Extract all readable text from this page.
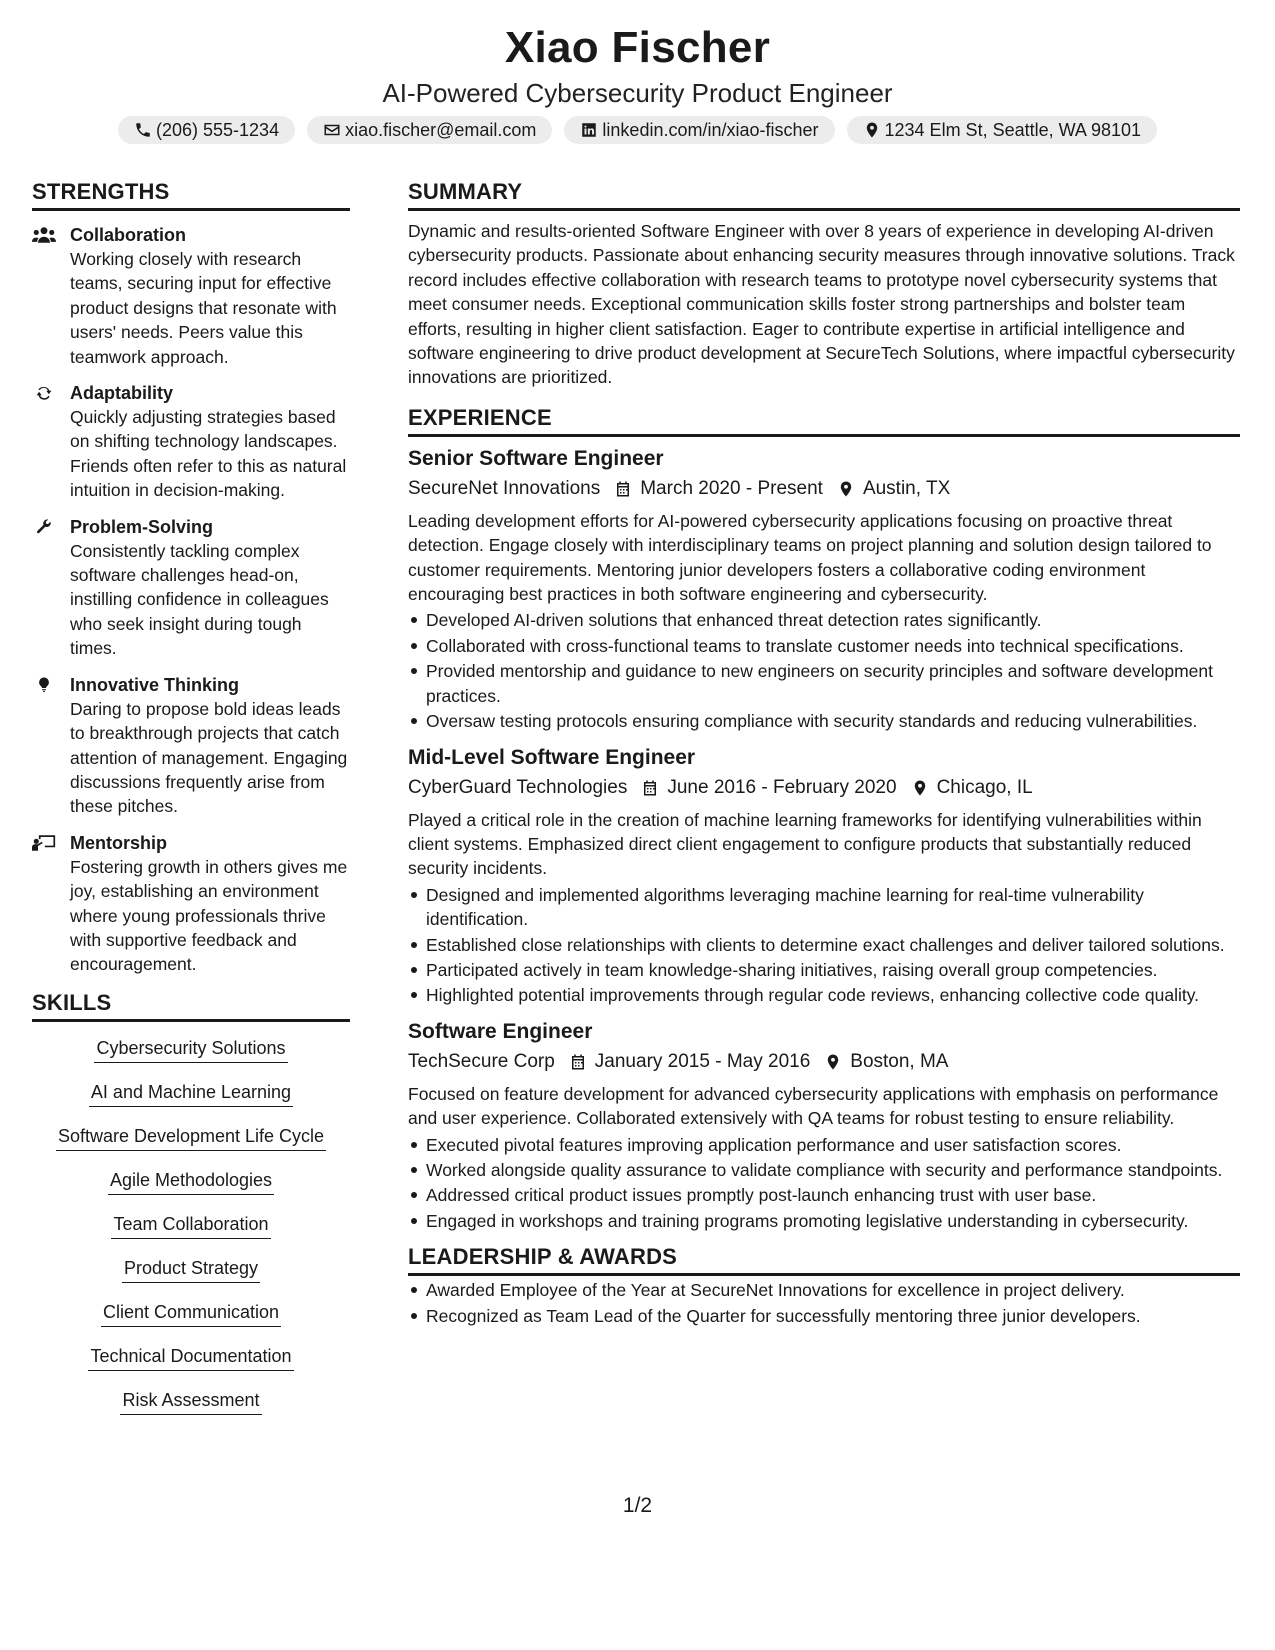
Xiao Fischer
AI-Powered Cybersecurity Product Engineer
(206) 555-1234	xiao.fischer@email.com	linkedin.com/in/xiao-fischer	1234 Elm St, Seattle, WA 98101
STRENGTHS
Collaboration
Working closely with research teams, securing input for effective product designs that resonate with users' needs. Peers value this teamwork approach.
Adaptability
Quickly adjusting strategies based on shifting technology landscapes. Friends often refer to this as natural intuition in decision-making.
Problem-Solving
Consistently tackling complex software challenges head-on, instilling confidence in colleagues who seek insight during tough times.
Innovative Thinking
Daring to propose bold ideas leads to breakthrough projects that catch attention of management. Engaging discussions frequently arise from these pitches.
Mentorship
Fostering growth in others gives me joy, establishing an environment where young professionals thrive with supportive feedback and encouragement.
SKILLS
Cybersecurity Solutions
AI and Machine Learning
Software Development Life Cycle
Agile Methodologies
Team Collaboration
Product Strategy
Client Communication
Technical Documentation
Risk Assessment
SUMMARY
Dynamic and results-oriented Software Engineer with over 8 years of experience in developing AI-driven cybersecurity products. Passionate about enhancing security measures through innovative solutions. Track record includes effective collaboration with research teams to prototype novel cybersecurity systems that meet consumer needs. Exceptional communication skills foster strong partnerships and bolster team efforts, resulting in higher client satisfaction. Eager to contribute expertise in artificial intelligence and software engineering to drive product development at SecureTech Solutions, where impactful cybersecurity innovations are prioritized.
EXPERIENCE
Senior Software Engineer
SecureNet Innovations March 2020 - Present Austin, TX
Leading development efforts for AI-powered cybersecurity applications focusing on proactive threat detection. Engage closely with interdisciplinary teams on project planning and solution design tailored to customer requirements. Mentoring junior developers fosters a collaborative coding environment encouraging best practices in both software engineering and cybersecurity.
Developed AI-driven solutions that enhanced threat detection rates significantly.
Collaborated with cross-functional teams to translate customer needs into technical specifications.
Provided mentorship and guidance to new engineers on security principles and software development practices.
Oversaw testing protocols ensuring compliance with security standards and reducing vulnerabilities.
Mid-Level Software Engineer
CyberGuard Technologies June 2016 - February 2020 Chicago, IL
Played a critical role in the creation of machine learning frameworks for identifying vulnerabilities within client systems. Emphasized direct client engagement to configure products that substantially reduced security incidents.
Designed and implemented algorithms leveraging machine learning for real-time vulnerability identification.
Established close relationships with clients to determine exact challenges and deliver tailored solutions.
Participated actively in team knowledge-sharing initiatives, raising overall group competencies.
Highlighted potential improvements through regular code reviews, enhancing collective code quality.
Software Engineer
TechSecure Corp January 2015 - May 2016 Boston, MA
Focused on feature development for advanced cybersecurity applications with emphasis on performance and user experience. Collaborated extensively with QA teams for robust testing to ensure reliability.
Executed pivotal features improving application performance and user satisfaction scores.
Worked alongside quality assurance to validate compliance with security and performance standpoints.
Addressed critical product issues promptly post-launch enhancing trust with user base.
Engaged in workshops and training programs promoting legislative understanding in cybersecurity.
LEADERSHIP & AWARDS
Awarded Employee of the Year at SecureNet Innovations for excellence in project delivery.
Recognized as Team Lead of the Quarter for successfully mentoring three junior developers.
1/2
